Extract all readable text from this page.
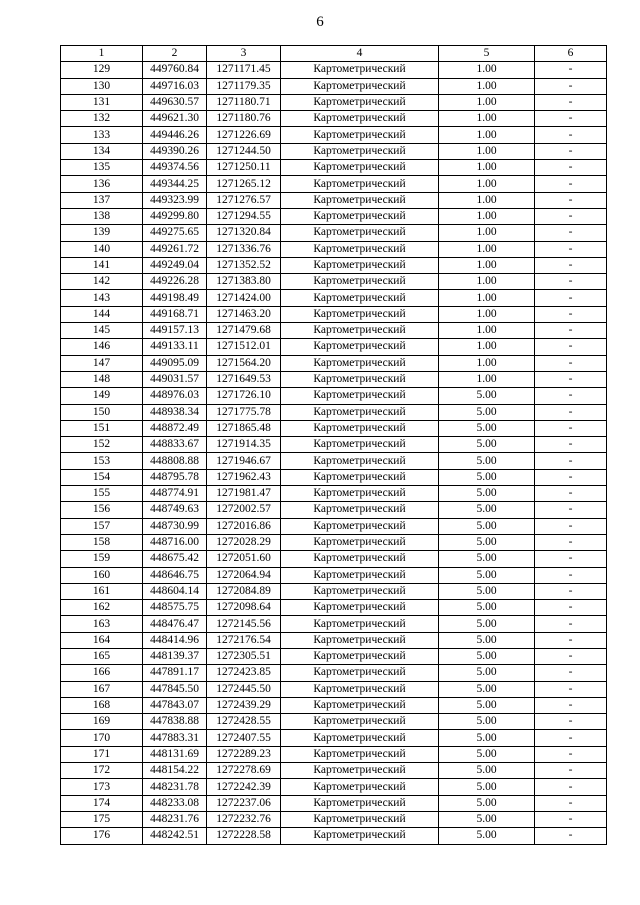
6
1	2	3	4	5	6
129	449760.84	1271171.45	Картометрический	1.00	-
130	449716.03	1271179.35	Картометрический	1.00	-
131	449630.57	1271180.71	Картометрический	1.00	-
132	449621.30	1271180.76	Картометрический	1.00	-
133	449446.26	1271226.69	Картометрический	1.00	-
134	449390.26	1271244.50	Картометрический	1.00	-
135	449374.56	1271250.11	Картометрический	1.00	-
136	449344.25	1271265.12	Картометрический	1.00	-
137	449323.99	1271276.57	Картометрический	1.00	-
138	449299.80	1271294.55	Картометрический	1.00	-
139	449275.65	1271320.84	Картометрический	1.00	-
140	449261.72	1271336.76	Картометрический	1.00	-
141	449249.04	1271352.52	Картометрический	1.00	-
142	449226.28	1271383.80	Картометрический	1.00	-
143	449198.49	1271424.00	Картометрический	1.00	-
144	449168.71	1271463.20	Картометрический	1.00	-
145	449157.13	1271479.68	Картометрический	1.00	-
146	449133.11	1271512.01	Картометрический	1.00	-
147	449095.09	1271564.20	Картометрический	1.00	-
148	449031.57	1271649.53	Картометрический	1.00	-
149	448976.03	1271726.10	Картометрический	5.00	-
150	448938.34	1271775.78	Картометрический	5.00	-
151	448872.49	1271865.48	Картометрический	5.00	-
152	448833.67	1271914.35	Картометрический	5.00	-
153	448808.88	1271946.67	Картометрический	5.00	-
154	448795.78	1271962.43	Картометрический	5.00	-
155	448774.91	1271981.47	Картометрический	5.00	-
156	448749.63	1272002.57	Картометрический	5.00	-
157	448730.99	1272016.86	Картометрический	5.00	-
158	448716.00	1272028.29	Картометрический	5.00	-
159	448675.42	1272051.60	Картометрический	5.00	-
160	448646.75	1272064.94	Картометрический	5.00	-
161	448604.14	1272084.89	Картометрический	5.00	-
162	448575.75	1272098.64	Картометрический	5.00	-
163	448476.47	1272145.56	Картометрический	5.00	-
164	448414.96	1272176.54	Картометрический	5.00	-
165	448139.37	1272305.51	Картометрический	5.00	-
166	447891.17	1272423.85	Картометрический	5.00	-
167	447845.50	1272445.50	Картометрический	5.00	-
168	447843.07	1272439.29	Картометрический	5.00	-
169	447838.88	1272428.55	Картометрический	5.00	-
170	447883.31	1272407.55	Картометрический	5.00	-
171	448131.69	1272289.23	Картометрический	5.00	-
172	448154.22	1272278.69	Картометрический	5.00	-
173	448231.78	1272242.39	Картометрический	5.00	-
174	448233.08	1272237.06	Картометрический	5.00	-
175	448231.76	1272232.76	Картометрический	5.00	-
176	448242.51	1272228.58	Картометрический	5.00	-
